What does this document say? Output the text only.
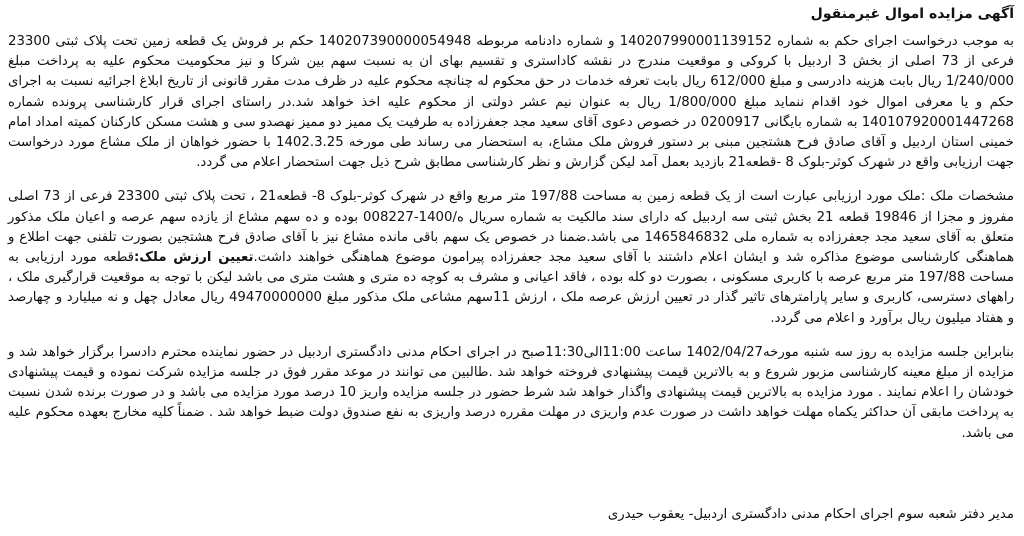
آگهی مزایده اموال غیرمنقول

به موجب درخواست اجرای حکم به شماره 140207990001139152 و شماره دادنامه مربوطه 140207390000054948 حکم بر فروش یک قطعه زمین تحت پلاک ثبتی 23300 فرعی از 73 اصلی از بخش 3 اردبیل با کروکی و موقعیت مندرج در نقشه کاداستری و تقسیم بهای ان به نسبت سهم بین شرکا و نیز محکومیت محکوم علیه به پرداخت مبلغ 1/240/000 ریال بابت هزینه دادرسی و مبلغ 612/000 ریال بابت تعرفه خدمات در حق محکوم له چنانچه محکوم علیه در ظرف مدت مقرر قانونی از تاریخ ابلاغ اجرائیه نسبت به اجرای حکم و یا معرفی اموال خود اقدام ننماید مبلغ 1/800/000 ریال به عنوان نیم عشر دولتی از محکوم علیه اخذ خواهد شد.در راستای اجرای قرار کارشناسی پرونده شماره 140107920001447268 به شماره بایگانی 0200917 در خصوص دعوی آقای سعید مجد جعفرزاده به طرفیت یک ممیز دو ممیز نهصدو سی و هشت مسکن کارکنان کمیته امداد امام خمینی استان اردبیل و آقای صادق فرح هشتجین مبنی بر دستور فروش ملک مشاع، به استحضار می رساند طی مورخه 1402.3.25 با حضور خواهان از ملک مشاع مورد درخواست جهت ارزیابی واقع در شهرک کوثر-بلوک 8 -قطعه21 بازدید بعمل آمد لیکن گزارش و نظر کارشناسی مطابق شرح ذیل جهت استحضار اعلام می گردد.

مشخصات ملک :ملک مورد ارزیابی عبارت است از یک قطعه زمین به مساحت 197/88 متر مربع واقع در شهرک کوثر-بلوک 8- قطعه21 ، تحت پلاک ثبتی 23300 فرعی از 73 اصلی مفروز و مجزا از 19846 قطعه 21 بخش ثبتی سه اردبیل که دارای سند مالکیت به شماره سریال ه/1400-008227 بوده و ده سهم مشاع از یازده سهم عرصه و اعیان ملک مذکور متعلق به آقای سعید مجد جعفرزاده به شماره ملی 1465846832 می باشد.ضمنا در خصوص یک سهم باقی مانده مشاع نیز با آقای صادق فرح هشتجین بصورت تلفنی جهت اطلاع و هماهنگی کارشناسی موضوع مذاکره شد و ایشان اعلام داشتند با آقای سعید مجد جعفرزاده پیرامون موضوع هماهنگی خواهند داشت.تعیین ارزش ملک:قطعه مورد ارزیابی به مساحت 197/88 متر مربع عرصه با کاربری مسکونی ، بصورت دو کله بوده ، فاقد اعیانی و مشرف به کوچه ده متری و هشت متری می باشد لیکن با توجه به موقعیت قرارگیری ملک ، راههای دسترسی، کاربری و سایر پارامترهای تاثیر گذار در تعیین ارزش عرصه ملک ، ارزش 11سهم مشاعی ملک مذکور مبلغ 49470000000 ریال معادل چهل و نه میلیارد و چهارصد و هفتاد میلیون ریال برآورد و اعلام می گردد.

بنابراین جلسه مزایده به روز سه شنبه مورخه1402/04/27 ساعت 11:00الی11:30صبح در اجرای احکام مدنی دادگستری اردبیل در حضور نماینده محترم دادسرا برگزار خواهد شد و مزایده از مبلغ معینه کارشناسی مزبور شروع و به بالاترین قیمت پیشنهادی فروخته خواهد شد .طالبین می توانند در موعد مقرر فوق در جلسه مزایده شرکت نموده و قیمت پیشنهادی خودشان را اعلام نمایند . مورد مزایده به بالاترین قیمت پیشنهادی واگذار خواهد شد شرط حضور در جلسه مزایده واریز 10 درصد مورد مزایده می باشد و در صورت برنده شدن نسبت به پرداخت مابقی آن حداکثر یکماه مهلت خواهد داشت در صورت عدم واریزی در مهلت مقرره درصد واریزی به نفع صندوق دولت ضبط خواهد شد . ضمناً کلیه مخارج بعهده محکوم علیه می باشد.

مدیر دفتر شعبه سوم اجرای احکام مدنی دادگستری اردبیل- یعقوب حیدری
